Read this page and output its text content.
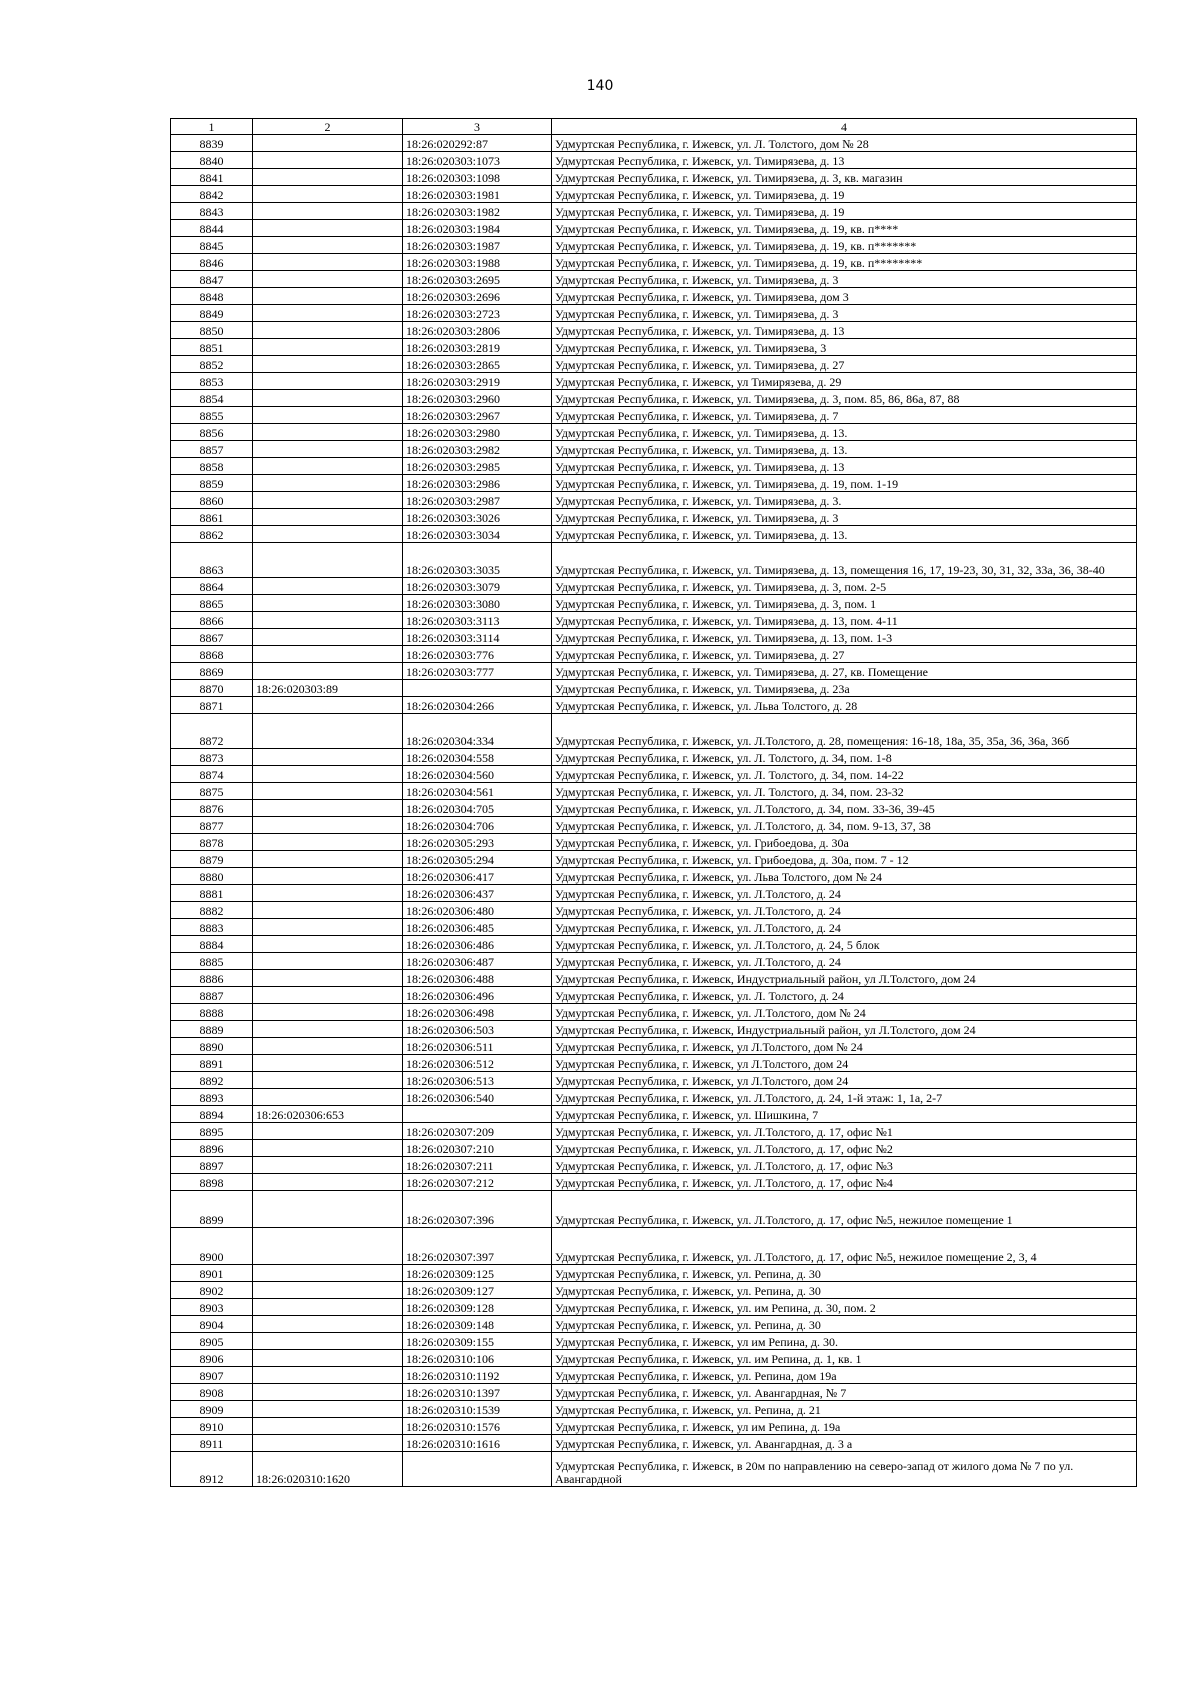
140
1	2	3	4
8839		18:26:020292:87	Удмуртская Республика, г. Ижевск, ул. Л. Толстого, дом № 28
8840		18:26:020303:1073	Удмуртская Республика, г. Ижевск, ул. Тимирязева, д. 13
8841		18:26:020303:1098	Удмуртская Республика, г. Ижевск, ул. Тимирязева, д. 3, кв. магазин
8842		18:26:020303:1981	Удмуртская Республика, г. Ижевск, ул. Тимирязева, д. 19
8843		18:26:020303:1982	Удмуртская Республика, г. Ижевск, ул. Тимирязева, д. 19
8844		18:26:020303:1984	Удмуртская Республика, г. Ижевск, ул. Тимирязева, д. 19, кв. п****
8845		18:26:020303:1987	Удмуртская Республика, г. Ижевск, ул. Тимирязева, д. 19, кв. п*******
8846		18:26:020303:1988	Удмуртская Республика, г. Ижевск, ул. Тимирязева, д. 19, кв. п********
8847		18:26:020303:2695	Удмуртская Республика, г. Ижевск, ул. Тимирязева, д. 3
8848		18:26:020303:2696	Удмуртская Республика, г. Ижевск, ул. Тимирязева, дом 3
8849		18:26:020303:2723	Удмуртская Республика, г. Ижевск, ул. Тимирязева, д. 3
8850		18:26:020303:2806	Удмуртская Республика, г. Ижевск, ул. Тимирязева, д. 13
8851		18:26:020303:2819	Удмуртская Республика, г. Ижевск, ул. Тимирязева, 3
8852		18:26:020303:2865	Удмуртская Республика, г. Ижевск, ул. Тимирязева, д. 27
8853		18:26:020303:2919	Удмуртская Республика, г. Ижевск, ул Тимирязева, д. 29
8854		18:26:020303:2960	Удмуртская Республика, г. Ижевск, ул. Тимирязева, д. 3, пом. 85, 86, 86а, 87, 88
8855		18:26:020303:2967	Удмуртская Республика, г. Ижевск, ул. Тимирязева, д. 7
8856		18:26:020303:2980	Удмуртская Республика, г. Ижевск, ул. Тимирязева, д. 13.
8857		18:26:020303:2982	Удмуртская Республика, г. Ижевск, ул. Тимирязева, д. 13.
8858		18:26:020303:2985	Удмуртская Республика, г. Ижевск, ул. Тимирязева, д. 13
8859		18:26:020303:2986	Удмуртская Республика, г. Ижевск, ул. Тимирязева, д. 19, пом. 1-19
8860		18:26:020303:2987	Удмуртская Республика, г. Ижевск, ул. Тимирязева, д. 3.
8861		18:26:020303:3026	Удмуртская Республика, г. Ижевск, ул. Тимирязева, д. 3
8862		18:26:020303:3034	Удмуртская Республика, г. Ижевск, ул. Тимирязева, д. 13.
8863		18:26:020303:3035	Удмуртская Республика, г. Ижевск, ул. Тимирязева, д. 13, помещения 16, 17, 19-23, 30, 31, 32, 33а, 36, 38-40
8864		18:26:020303:3079	Удмуртская Республика, г. Ижевск, ул. Тимирязева, д. 3, пом. 2-5
8865		18:26:020303:3080	Удмуртская Республика, г. Ижевск, ул. Тимирязева, д. 3, пом. 1
8866		18:26:020303:3113	Удмуртская Республика, г. Ижевск, ул. Тимирязева, д. 13, пом. 4-11
8867		18:26:020303:3114	Удмуртская Республика, г. Ижевск, ул. Тимирязева, д. 13, пом. 1-3
8868		18:26:020303:776	Удмуртская Республика, г. Ижевск, ул. Тимирязева, д. 27
8869		18:26:020303:777	Удмуртская Республика, г. Ижевск, ул. Тимирязева, д. 27, кв. Помещение
8870	18:26:020303:89		Удмуртская Республика, г. Ижевск, ул. Тимирязева, д. 23а
8871		18:26:020304:266	Удмуртская Республика, г. Ижевск, ул. Льва Толстого, д. 28
8872		18:26:020304:334	Удмуртская Республика, г. Ижевск, ул. Л.Толстого, д. 28, помещения: 16-18, 18а, 35, 35а, 36, 36а, 36б
8873		18:26:020304:558	Удмуртская Республика, г. Ижевск, ул. Л. Толстого, д. 34, пом. 1-8
8874		18:26:020304:560	Удмуртская Республика, г. Ижевск, ул. Л. Толстого, д. 34, пом. 14-22
8875		18:26:020304:561	Удмуртская Республика, г. Ижевск, ул. Л. Толстого, д. 34, пом. 23-32
8876		18:26:020304:705	Удмуртская Республика, г. Ижевск, ул. Л.Толстого, д. 34, пом. 33-36, 39-45
8877		18:26:020304:706	Удмуртская Республика, г. Ижевск, ул. Л.Толстого, д. 34, пом. 9-13, 37, 38
8878		18:26:020305:293	Удмуртская Республика, г. Ижевск, ул. Грибоедова, д. 30а
8879		18:26:020305:294	Удмуртская Республика, г. Ижевск, ул. Грибоедова, д. 30а, пом. 7 - 12
8880		18:26:020306:417	Удмуртская Республика, г. Ижевск, ул. Льва Толстого, дом № 24
8881		18:26:020306:437	Удмуртская Республика, г. Ижевск, ул. Л.Толстого, д. 24
8882		18:26:020306:480	Удмуртская Республика, г. Ижевск, ул. Л.Толстого, д. 24
8883		18:26:020306:485	Удмуртская Республика, г. Ижевск, ул. Л.Толстого, д. 24
8884		18:26:020306:486	Удмуртская Республика, г. Ижевск, ул. Л.Толстого, д. 24, 5 блок
8885		18:26:020306:487	Удмуртская Республика, г. Ижевск, ул. Л.Толстого, д. 24
8886		18:26:020306:488	Удмуртская Республика, г. Ижевск, Индустриальный район, ул Л.Толстого, дом 24
8887		18:26:020306:496	Удмуртская Республика, г. Ижевск, ул. Л. Толстого, д. 24
8888		18:26:020306:498	Удмуртская Республика, г. Ижевск, ул. Л.Толстого, дом № 24
8889		18:26:020306:503	Удмуртская Республика, г. Ижевск, Индустриальный район, ул Л.Толстого, дом 24
8890		18:26:020306:511	Удмуртская Республика, г. Ижевск, ул Л.Толстого, дом № 24
8891		18:26:020306:512	Удмуртская Республика, г. Ижевск, ул Л.Толстого, дом 24
8892		18:26:020306:513	Удмуртская Республика, г. Ижевск, ул Л.Толстого, дом 24
8893		18:26:020306:540	Удмуртская Республика, г. Ижевск, ул. Л.Толстого, д. 24, 1-й этаж: 1, 1а, 2-7
8894	18:26:020306:653		Удмуртская Республика, г. Ижевск, ул. Шишкина, 7
8895		18:26:020307:209	Удмуртская Республика, г. Ижевск, ул. Л.Толстого, д. 17, офис №1
8896		18:26:020307:210	Удмуртская Республика, г. Ижевск, ул. Л.Толстого, д. 17, офис №2
8897		18:26:020307:211	Удмуртская Республика, г. Ижевск, ул. Л.Толстого, д. 17, офис №3
8898		18:26:020307:212	Удмуртская Республика, г. Ижевск, ул. Л.Толстого, д. 17, офис №4
8899		18:26:020307:396	Удмуртская Республика, г. Ижевск, ул. Л.Толстого, д. 17, офис №5, нежилое помещение 1
8900		18:26:020307:397	Удмуртская Республика, г. Ижевск, ул. Л.Толстого, д. 17, офис №5, нежилое помещение 2, 3, 4
8901		18:26:020309:125	Удмуртская Республика, г. Ижевск, ул. Репина, д. 30
8902		18:26:020309:127	Удмуртская Республика, г. Ижевск, ул. Репина, д. 30
8903		18:26:020309:128	Удмуртская Республика, г. Ижевск, ул. им Репина, д. 30, пом. 2
8904		18:26:020309:148	Удмуртская Республика, г. Ижевск, ул. Репина, д. 30
8905		18:26:020309:155	Удмуртская Республика, г. Ижевск, ул им Репина, д. 30.
8906		18:26:020310:106	Удмуртская Республика, г. Ижевск, ул. им Репина, д. 1, кв. 1
8907		18:26:020310:1192	Удмуртская Республика, г. Ижевск, ул. Репина, дом 19а
8908		18:26:020310:1397	Удмуртская Республика, г. Ижевск, ул. Авангардная, № 7
8909		18:26:020310:1539	Удмуртская Республика, г. Ижевск, ул. Репина, д. 21
8910		18:26:020310:1576	Удмуртская Республика, г. Ижевск, ул им Репина, д. 19а
8911		18:26:020310:1616	Удмуртская Республика, г. Ижевск, ул. Авангардная, д. 3 а
8912	18:26:020310:1620		Удмуртская Республика, г. Ижевск, в 20м по направлению на северо-запад от жилого дома № 7 по ул. Авангардной
